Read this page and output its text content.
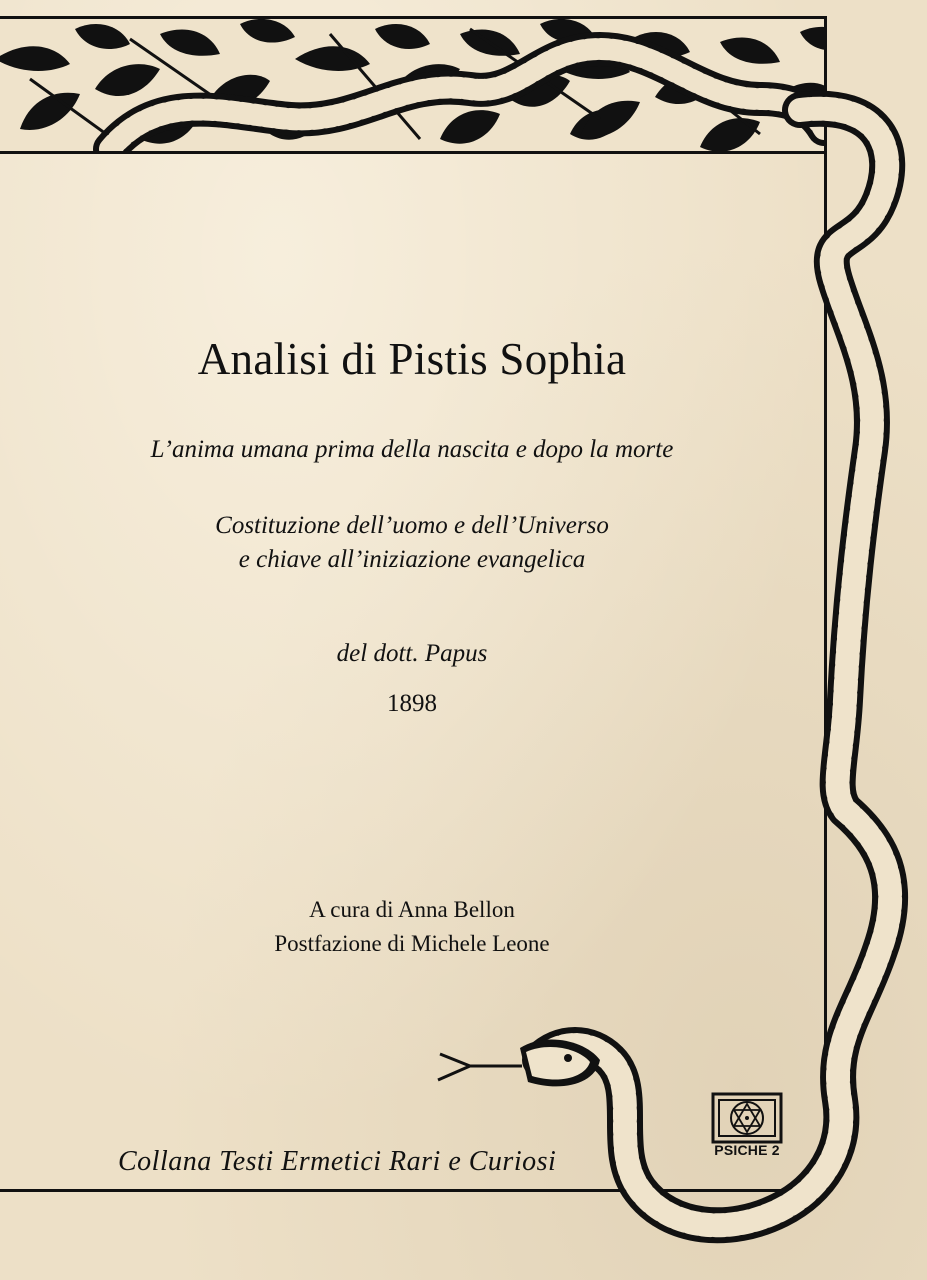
Analisi di Pistis Sophia

L’anima umana prima della nascita e dopo la morte

Costituzione dell’uomo e dell’Universo
e chiave all’iniziazione evangelica

del dott. Papus

1898

A cura di Anna Bellon
Postfazione di Michele Leone
Collana Testi Ermetici Rari e Curiosi	PSICHE 2
